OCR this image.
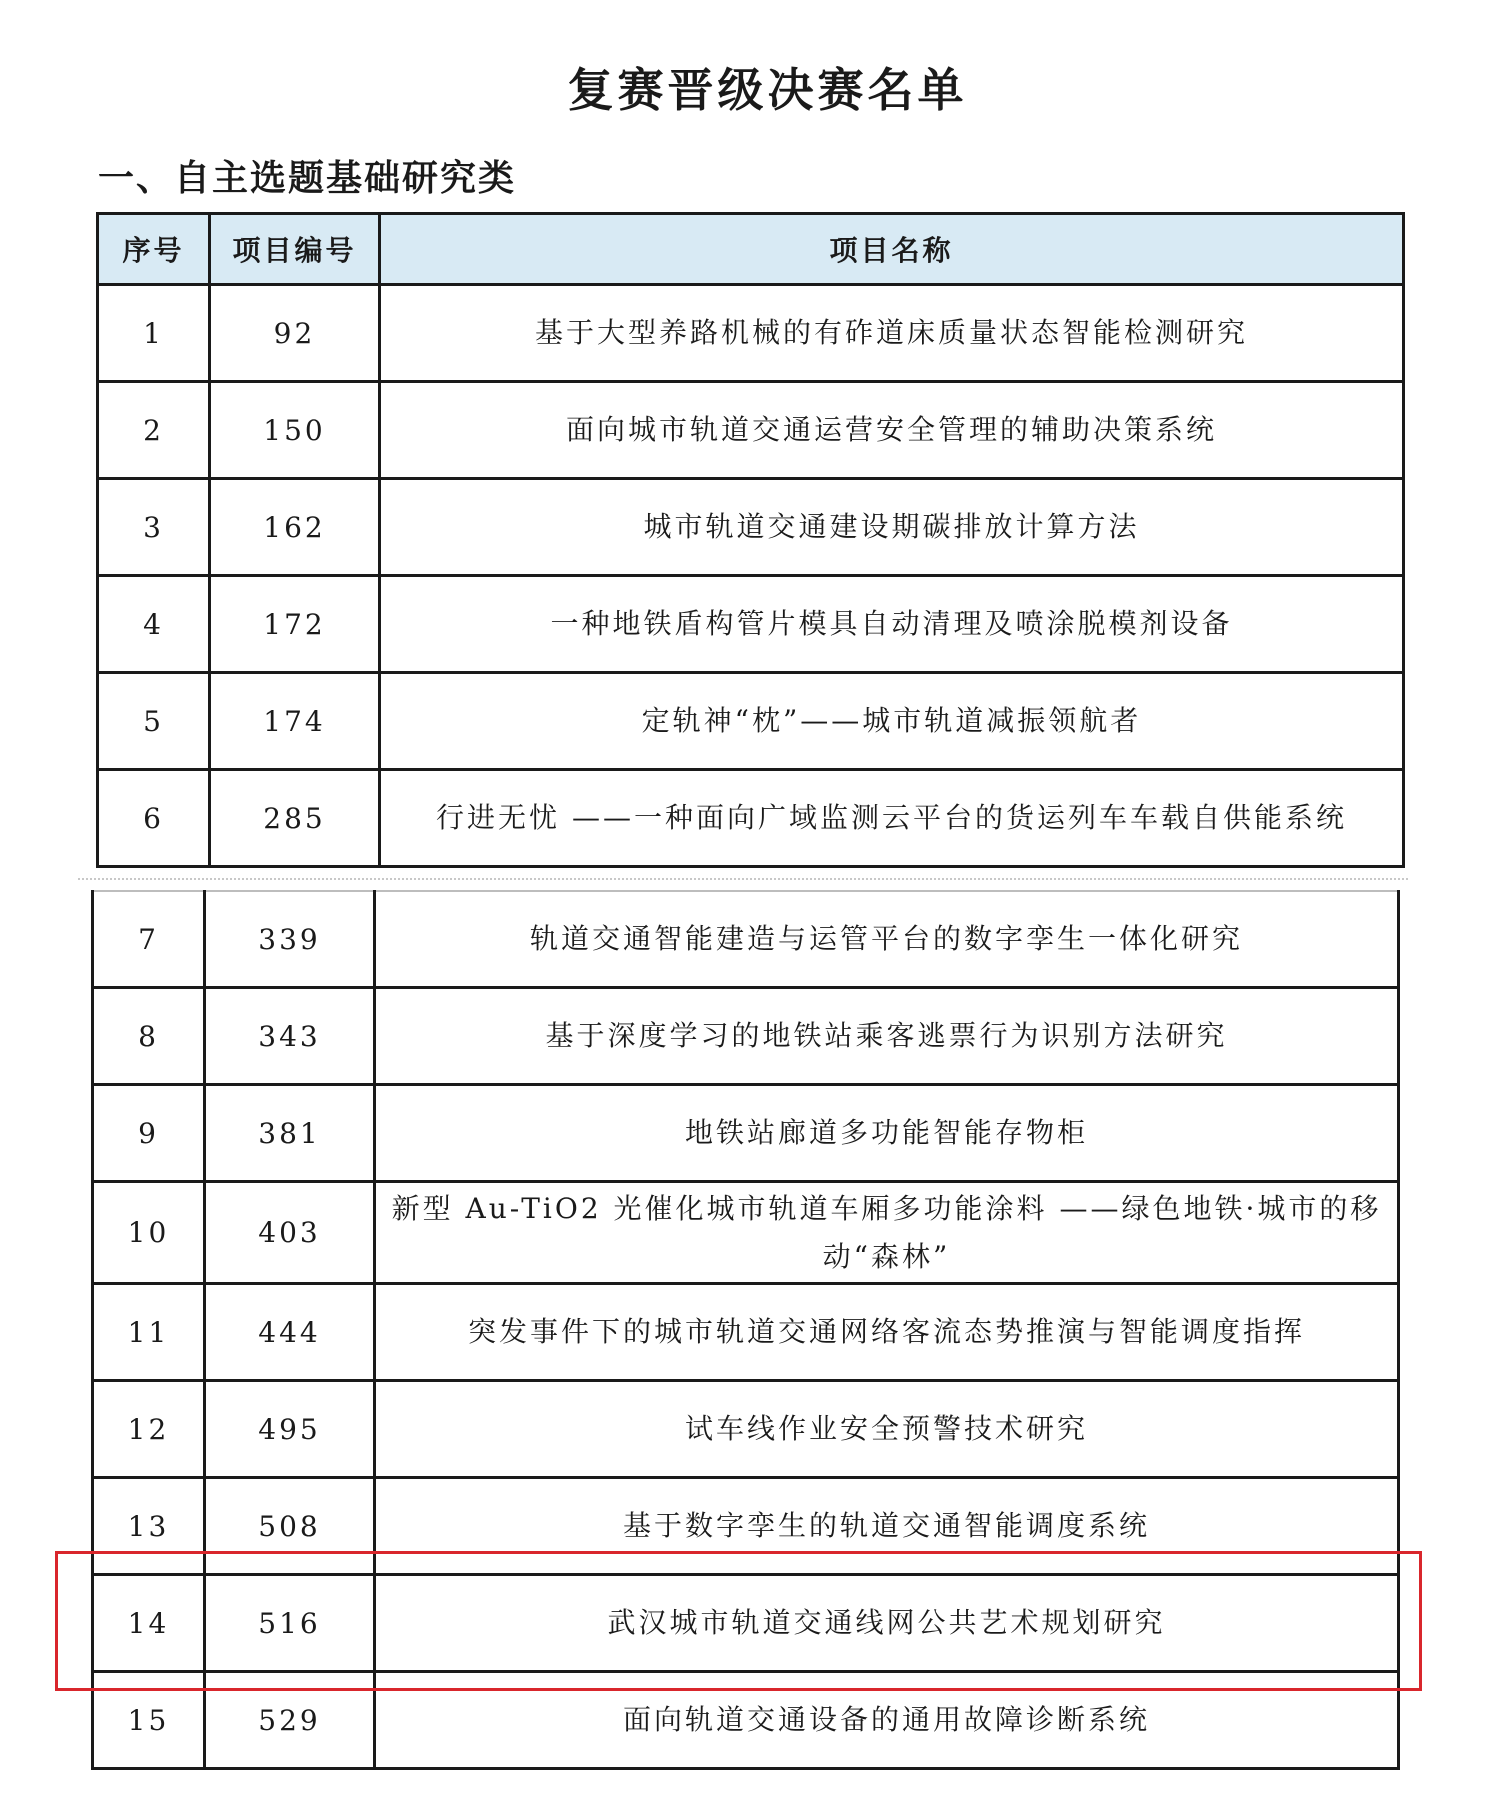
复赛晋级决赛名单
一、自主选题基础研究类
序号	项目编号	项目名称
1	92	基于大型养路机械的有砟道床质量状态智能检测研究
2	150	面向城市轨道交通运营安全管理的辅助决策系统
3	162	城市轨道交通建设期碳排放计算方法
4	172	一种地铁盾构管片模具自动清理及喷涂脱模剂设备
5	174	定轨神“枕”——城市轨道减振领航者
6	285	行进无忧 ——一种面向广域监测云平台的货运列车车载自供能系统
7	339	轨道交通智能建造与运管平台的数字孪生一体化研究
8	343	基于深度学习的地铁站乘客逃票行为识别方法研究
9	381	地铁站廊道多功能智能存物柜
10	403	新型 Au-TiO2 光催化城市轨道车厢多功能涂料 ——绿色地铁·城市的移动“森林”
11	444	突发事件下的城市轨道交通网络客流态势推演与智能调度指挥
12	495	试车线作业安全预警技术研究
13	508	基于数字孪生的轨道交通智能调度系统
14	516	武汉城市轨道交通线网公共艺术规划研究
15	529	面向轨道交通设备的通用故障诊断系统
